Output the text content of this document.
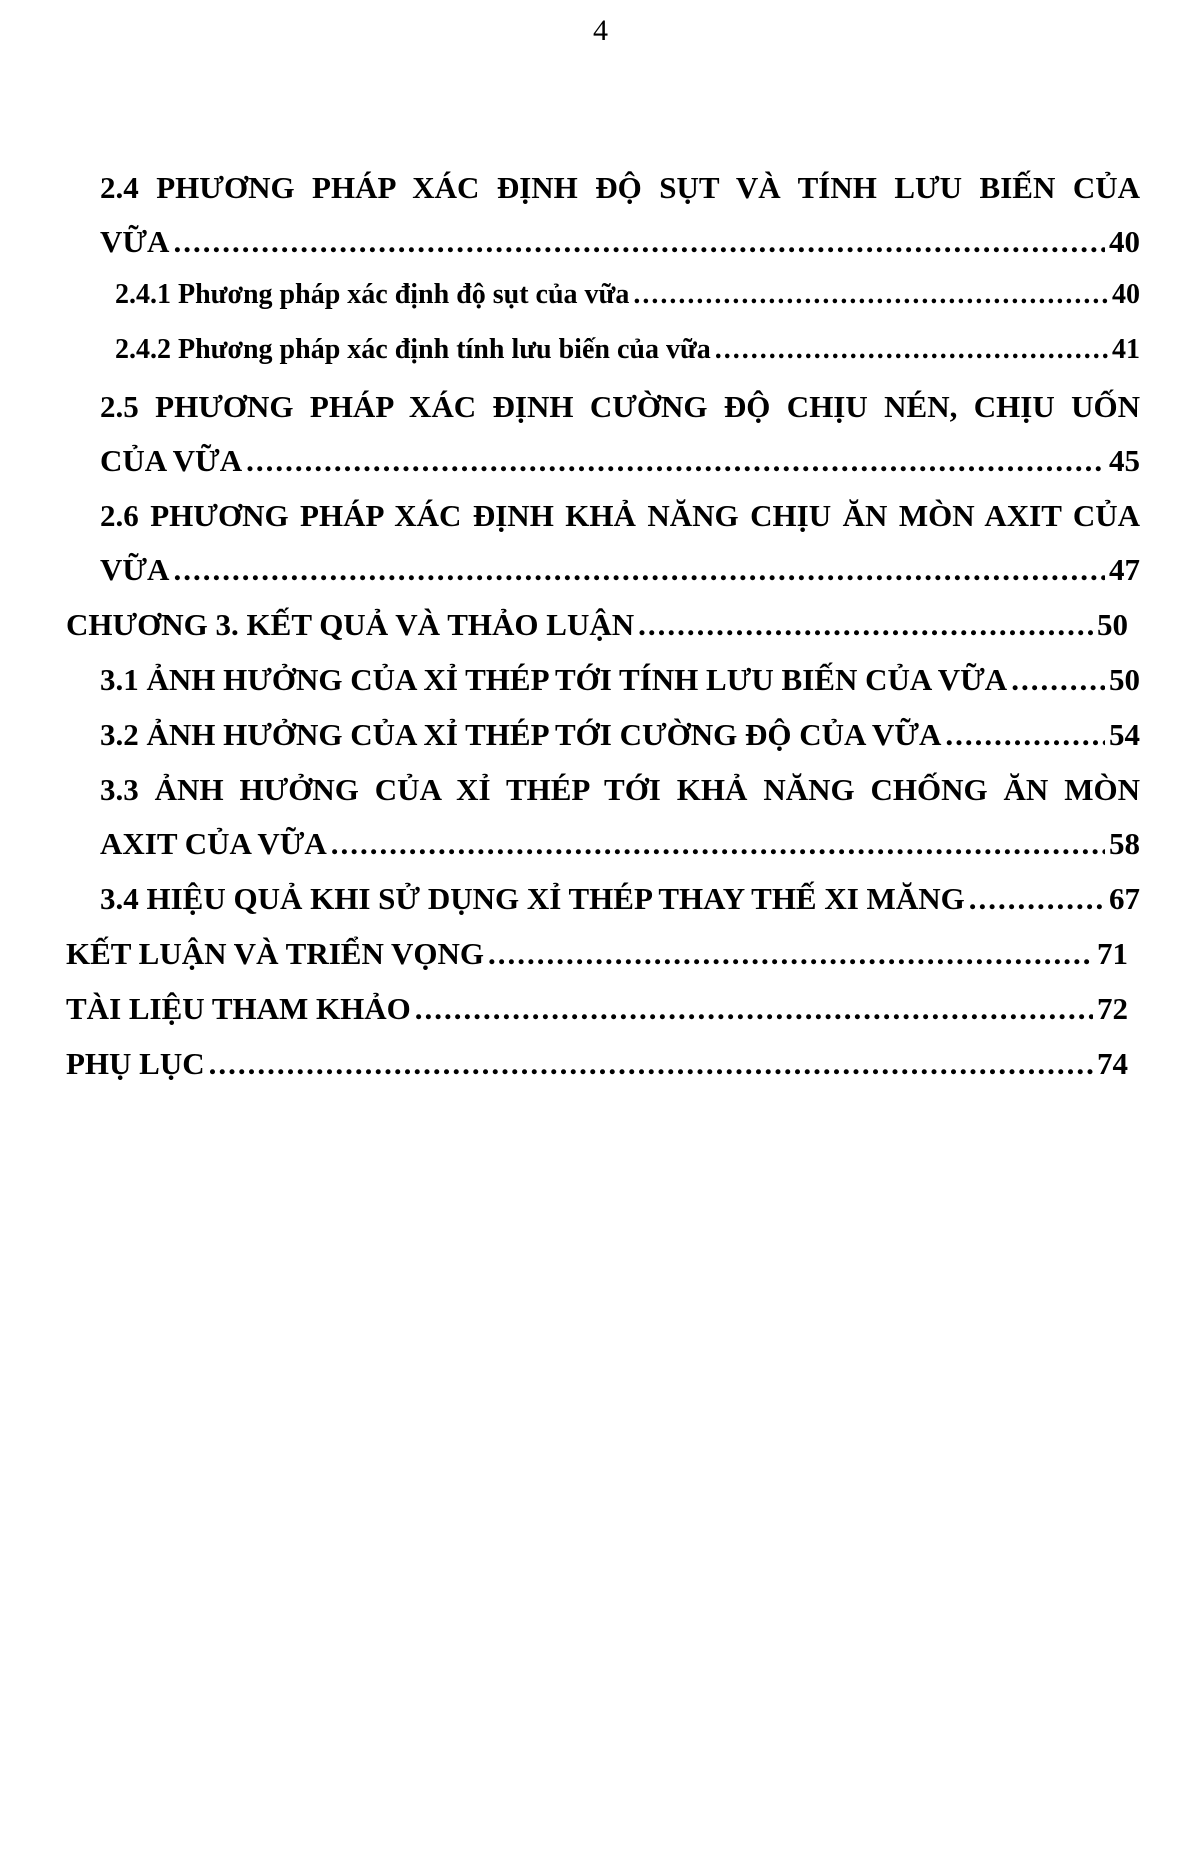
4
2.4 PHƯƠNG PHÁP XÁC ĐỊNH ĐỘ SỤT VÀ TÍNH LƯU BIẾN CỦA
VỮA .....	40
2.4.1 Phương pháp xác định độ sụt của vữa .....	40
2.4.2 Phương pháp xác định tính lưu biến của vữa .....	41
2.5 PHƯƠNG PHÁP XÁC ĐỊNH CƯỜNG ĐỘ CHỊU NÉN, CHỊU UỐN
CỦA VỮA .....	45
2.6 PHƯƠNG PHÁP XÁC ĐỊNH KHẢ NĂNG CHỊU ĂN MÒN AXIT CỦA
VỮA .....	47
CHƯƠNG 3. KẾT QUẢ VÀ THẢO LUẬN .....	50
3.1 ẢNH HƯỞNG CỦA XỈ THÉP TỚI TÍNH LƯU BIẾN CỦA VỮA .....	50
3.2 ẢNH HƯỞNG CỦA XỈ THÉP TỚI CƯỜNG ĐỘ CỦA VỮA .....	54
3.3 ẢNH HƯỞNG CỦA XỈ THÉP TỚI KHẢ NĂNG CHỐNG ĂN MÒN
AXIT CỦA VỮA .....	58
3.4 HIỆU QUẢ KHI SỬ DỤNG XỈ THÉP THAY THẾ XI MĂNG .....	67
KẾT LUẬN VÀ TRIỂN VỌNG .....	71
TÀI LIỆU THAM KHẢO .....	72
PHỤ LỤC .....	74
